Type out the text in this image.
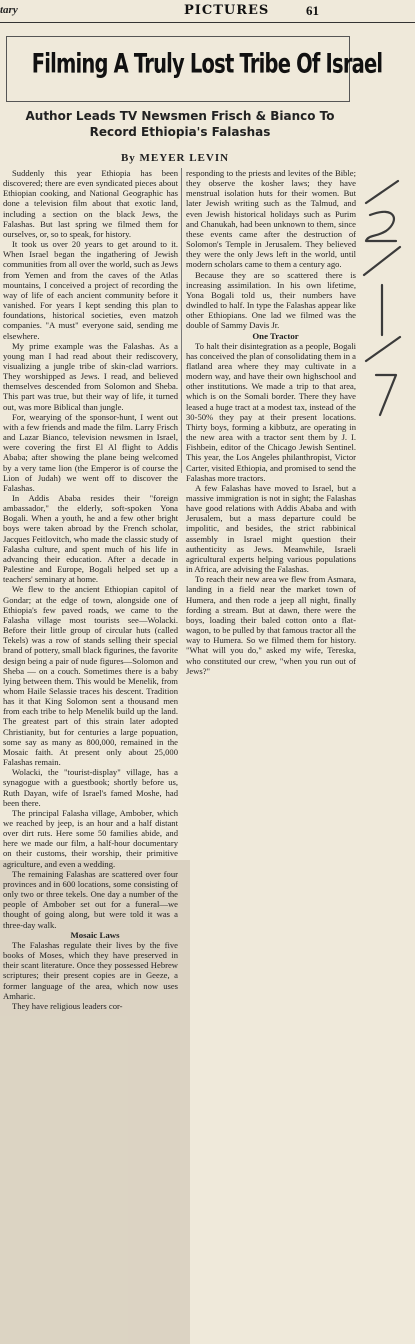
tary	PICTURES	61
Filming A Truly Lost Tribe Of Israel
Author Leads TV Newsmen Frisch & Bianco To
Record Ethiopia's Falashas
By MEYER LEVIN

Suddenly this year Ethiopia has been discovered; there are even syndicated pieces about Ethiopian cooking, and National Geographic has done a television film about that exotic land, including a section on the black Jews, the Falashas. But last spring we filmed them for ourselves, or, so to speak, for history.

It took us over 20 years to get around to it. When Israel began the ingathering of Jewish communities from all over the world, such as Jews from Yemen and from the caves of the Atlas mountains, I conceived a project of recording the way of life of each ancient community before it vanished. For years I kept sending this plan to foundations, historical societies, even matzoh companies. "A must" everyone said, sending me elsewhere.

My prime example was the Falashas. As a young man I had read about their rediscovery, visualizing a jungle tribe of skin-clad warriors. They worshipped as Jews. I read, and believed themselves descended from Solomon and Sheba. This part was true, but their way of life, it turned out, was more Biblical than jungle.

For, wearying of the sponsor-hunt, I went out with a few friends and made the film. Larry Frisch and Lazar Bianco, television newsmen in Israel, were covering the first El Al flight to Addis Ababa; after showing the plane being welcomed by a very tame lion (the Emperor is of course the Lion of Judah) we went off to discover the Falashas.

In Addis Ababa resides their "foreign ambassador," the elderly, soft-spoken Yona Bogali. When a youth, he and a few other bright boys were taken abroad by the French scholar, Jacques Feitlovitch, who made the classic study of Falasha culture, and spent much of his life in advancing their education. After a decade in Palestine and Europe, Bogali helped set up a teachers' seminary at home.

We flew to the ancient Ethiopian capitol of Gondar; at the edge of town, alongside one of Ethiopia's few paved roads, we came to the Falasha village most tourists see—Wolacki. Before their little group of circular huts (called Tekels) was a row of stands selling their special brand of pottery, small black figurines, the favorite design being a pair of nude figures—Solomon and Sheba — on a couch. Sometimes there is a baby lying between them. This would be Menelik, from whom Haile Selassie traces his descent. Tradition has it that King Solomon sent a thousand men from each tribe to help Menelik build up the land. The greatest part of this strain later adopted Christianity, but for centuries a large popuation, some say as many as 800,000, remained in the Mosaic faith. At present only about 25,000 Falashas remain.

Wolacki, the "tourist-display" village, has a synagogue with a guestbook; shortly before us, Ruth Dayan, wife of Israel's famed Moshe, had been there.

The principal Falasha village, Ambober, which we reached by jeep, is an hour and a half distant over dirt ruts. Here some 50 families abide, and here we made our film, a half-hour documentary on their customs, their worship, their primitive agriculture, and even a wedding.

The remaining Falashas are scattered over four provinces and in 600 locations, some consisting of only two or three tekels. One day a number of the people of Ambober set out for a funeral—we thought of going along, but were told it was a three-day walk.

Mosaic Laws

The Falashas regulate their lives by the five books of Moses, which they have preserved in their scant literature. Once they possessed Hebrew scriptures; their present copies are in Geeze, a former language of the area, which now uses Amharic.

They have religious leaders cor-

responding to the priests and levites of the Bible; they observe the kosher laws; they have menstrual isolation huts for their women. But later Jewish writing such as the Talmud, and even Jewish historical holidays such as Purim and Chanukah, had been unknown to them, since these events came after the destruction of Solomon's Temple in Jerusalem. They believed they were the only Jews left in the world, until modern scholars came to them a century ago.

Because they are so scattered there is increasing assimilation. In his own lifetime, Yona Bogali told us, their numbers have dwindled to half. In type the Falashas appear like other Ethiopians. One lad we filmed was the double of Sammy Davis Jr.

One Tractor

To halt their disintegration as a people, Bogali has conceived the plan of consolidating them in a flatland area where they may cultivate in a modern way, and have their own highschool and other institutions. We made a trip to that area, which is on the Somali border. There they have leased a huge tract at a modest tax, instead of the 30-50% they pay at their present locations. Thirty boys, forming a kibbutz, are operating in the new area with a tractor sent them by J. I. Fishbein, editor of the Chicago Jewish Sentinel. This year, the Los Angeles philanthropist, Victor Carter, visited Ethiopia, and promised to send the Falashas more tractors.

A few Falashas have moved to Israel, but a massive immigration is not in sight; the Falashas have good relations with Addis Ababa and with Jerusalem, but a mass departure could be impolitic, and besides, the strict rabbinical assembly in Israel might question their authenticity as Jews. Meanwhile, Israeli agricultural experts helping various populations in Africa, are advising the Falashas.

To reach their new area we flew from Asmara, landing in a field near the market town of Humera, and then rode a jeep all night, finally fording a stream. But at dawn, there were the boys, loading their baled cotton onto a flat-wagon, to be pulled by that famous tractor all the way to Humera. So we filmed them for history. "What will you do," asked my wife, Tereska, who constituted our crew, "when you run out of Jews?"
